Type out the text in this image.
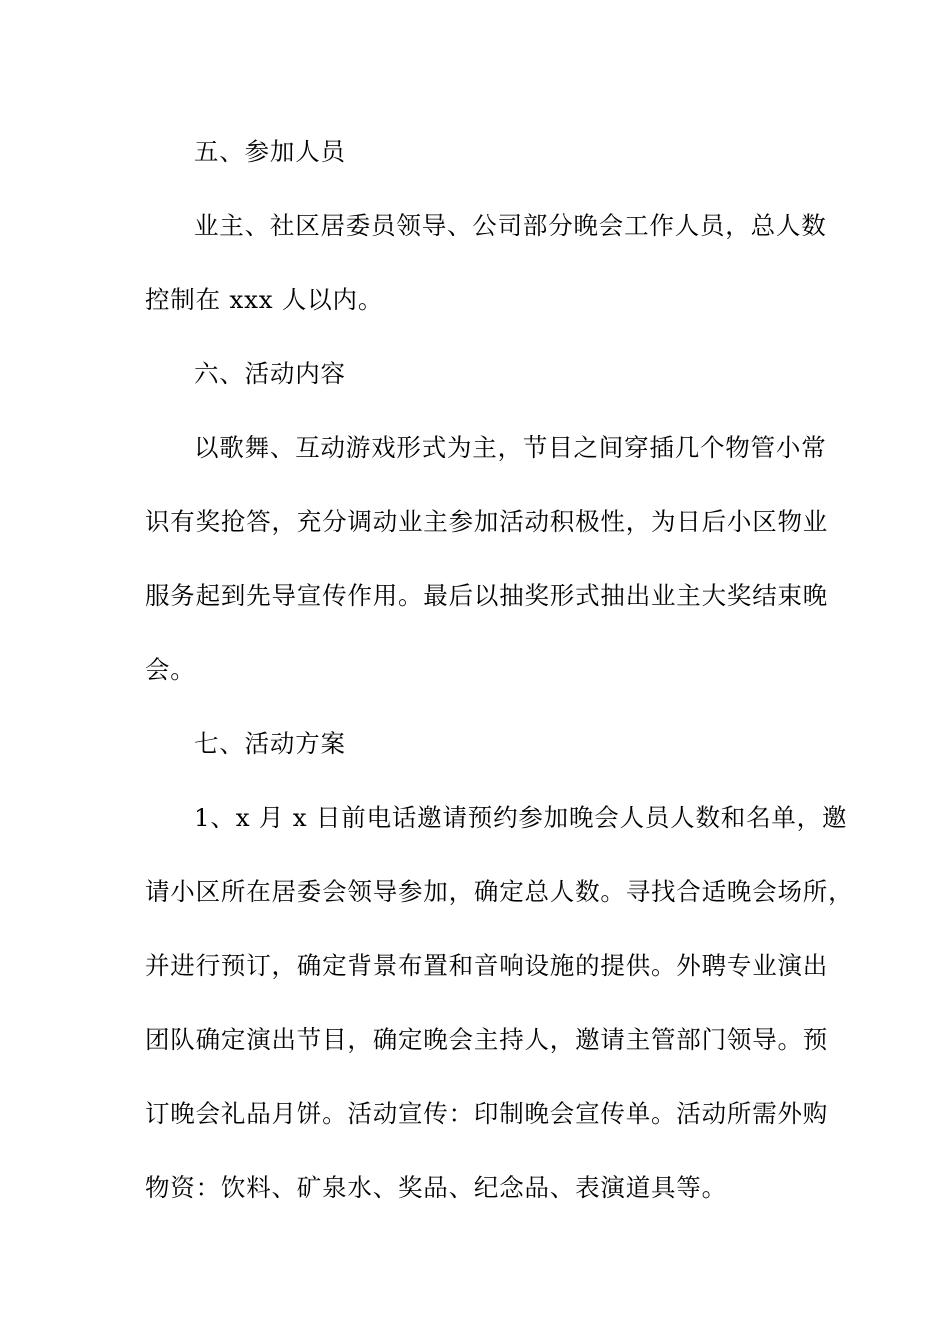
五、参加人员
业主、社区居委员领导、公司部分晚会工作人员，总人数
控制在 xxx 人以内。
六、活动内容
以歌舞、互动游戏形式为主，节目之间穿插几个物管小常
识有奖抢答，充分调动业主参加活动积极性，为日后小区物业
服务起到先导宣传作用。最后以抽奖形式抽出业主大奖结束晚
会。
七、活动方案
1、x 月 x 日前电话邀请预约参加晚会人员人数和名单，邀
请小区所在居委会领导参加，确定总人数。寻找合适晚会场所，
并进行预订，确定背景布置和音响设施的提供。外聘专业演出
团队确定演出节目，确定晚会主持人，邀请主管部门领导。预
订晚会礼品月饼。活动宣传：印制晚会宣传单。活动所需外购
物资：饮料、矿泉水、奖品、纪念品、表演道具等。
